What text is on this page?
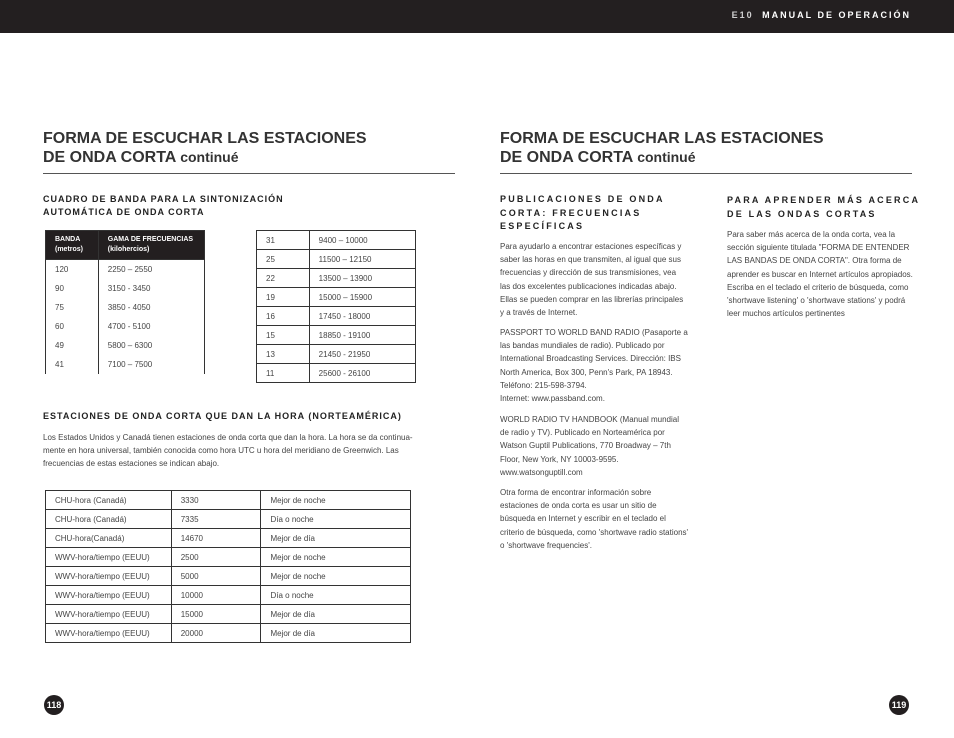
E10 MANUAL DE OPERACIÓN
FORMA DE ESCUCHAR LAS ESTACIONES
DE ONDA CORTA continué
CUADRO DE BANDA PARA LA SINTONIZACIÓN
AUTOMÁTICA DE ONDA CORTA
BANDA
(metros)	GAMA DE FRECUENCIAS
(kilohercios)
120	2250 – 2550
90	3150 - 3450
75	3850 - 4050
60	4700 - 5100
49	5800 – 6300
41	7100 – 7500
31	9400 – 10000
25	11500 – 12150
22	13500 – 13900
19	15000 – 15900
16	17450 - 18000
15	18850 - 19100
13	21450 - 21950
11	25600 - 26100
ESTACIONES DE ONDA CORTA QUE DAN LA HORA (NORTEAMÉRICA)
Los Estados Unidos y Canadá tienen estaciones de onda corta que dan la hora. La hora se da continua-
mente en hora universal, también conocida como hora UTC u hora del meridiano de Greenwich. Las
frecuencias de estas estaciones se indican abajo.
CHU-hora (Canadá)	3330	Mejor de noche
CHU-hora (Canadá)	7335	Día o noche
CHU-hora(Canadá)	14670	Mejor de día
WWV-hora/tiempo (EEUU)	2500	Mejor de noche
WWV-hora/tiempo (EEUU)	5000	Mejor de noche
WWV-hora/tiempo (EEUU)	10000	Día o noche
WWV-hora/tiempo (EEUU)	15000	Mejor de día
WWV-hora/tiempo (EEUU)	20000	Mejor de día
118
FORMA DE ESCUCHAR LAS ESTACIONES
DE ONDA CORTA continué
PUBLICACIONES DE ONDA
CORTA: FRECUENCIAS
ESPECÍFICAS
Para ayudarlo a encontrar estaciones específicas y
saber las horas en que transmiten, al igual que sus
frecuencias y dirección de sus transmisiones, vea
las dos excelentes publicaciones indicadas abajo.
Ellas se pueden comprar en las librerías principales
y a través de Internet.
PASSPORT TO WORLD BAND RADIO (Pasaporte a
las bandas mundiales de radio). Publicado por
International Broadcasting Services. Dirección: IBS
North America, Box 300, Penn's Park, PA 18943.
Teléfono: 215-598-3794.
Internet: www.passband.com.
WORLD RADIO TV HANDBOOK (Manual mundial
de radio y TV). Publicado en Norteamérica por
Watson Guptil Publications, 770 Broadway – 7th
Floor, New York, NY 10003-9595.
www.watsonguptill.com
Otra forma de encontrar información sobre
estaciones de onda corta es usar un sitio de
búsqueda en Internet y escribir en el teclado el
criterio de búsqueda, como 'shortwave radio stations'
o 'shortwave frequencies'.
PARA APRENDER MÁS ACERCA
DE LAS ONDAS CORTAS
Para saber más acerca de la onda corta, vea la
sección siguiente titulada "FORMA DE ENTENDER
LAS BANDAS DE ONDA CORTA". Otra forma de
aprender es buscar en Internet artículos apropiados.
Escriba en el teclado el criterio de búsqueda, como
'shortwave listening' o 'shortwave stations' y podrá
leer muchos artículos pertinentes
119
